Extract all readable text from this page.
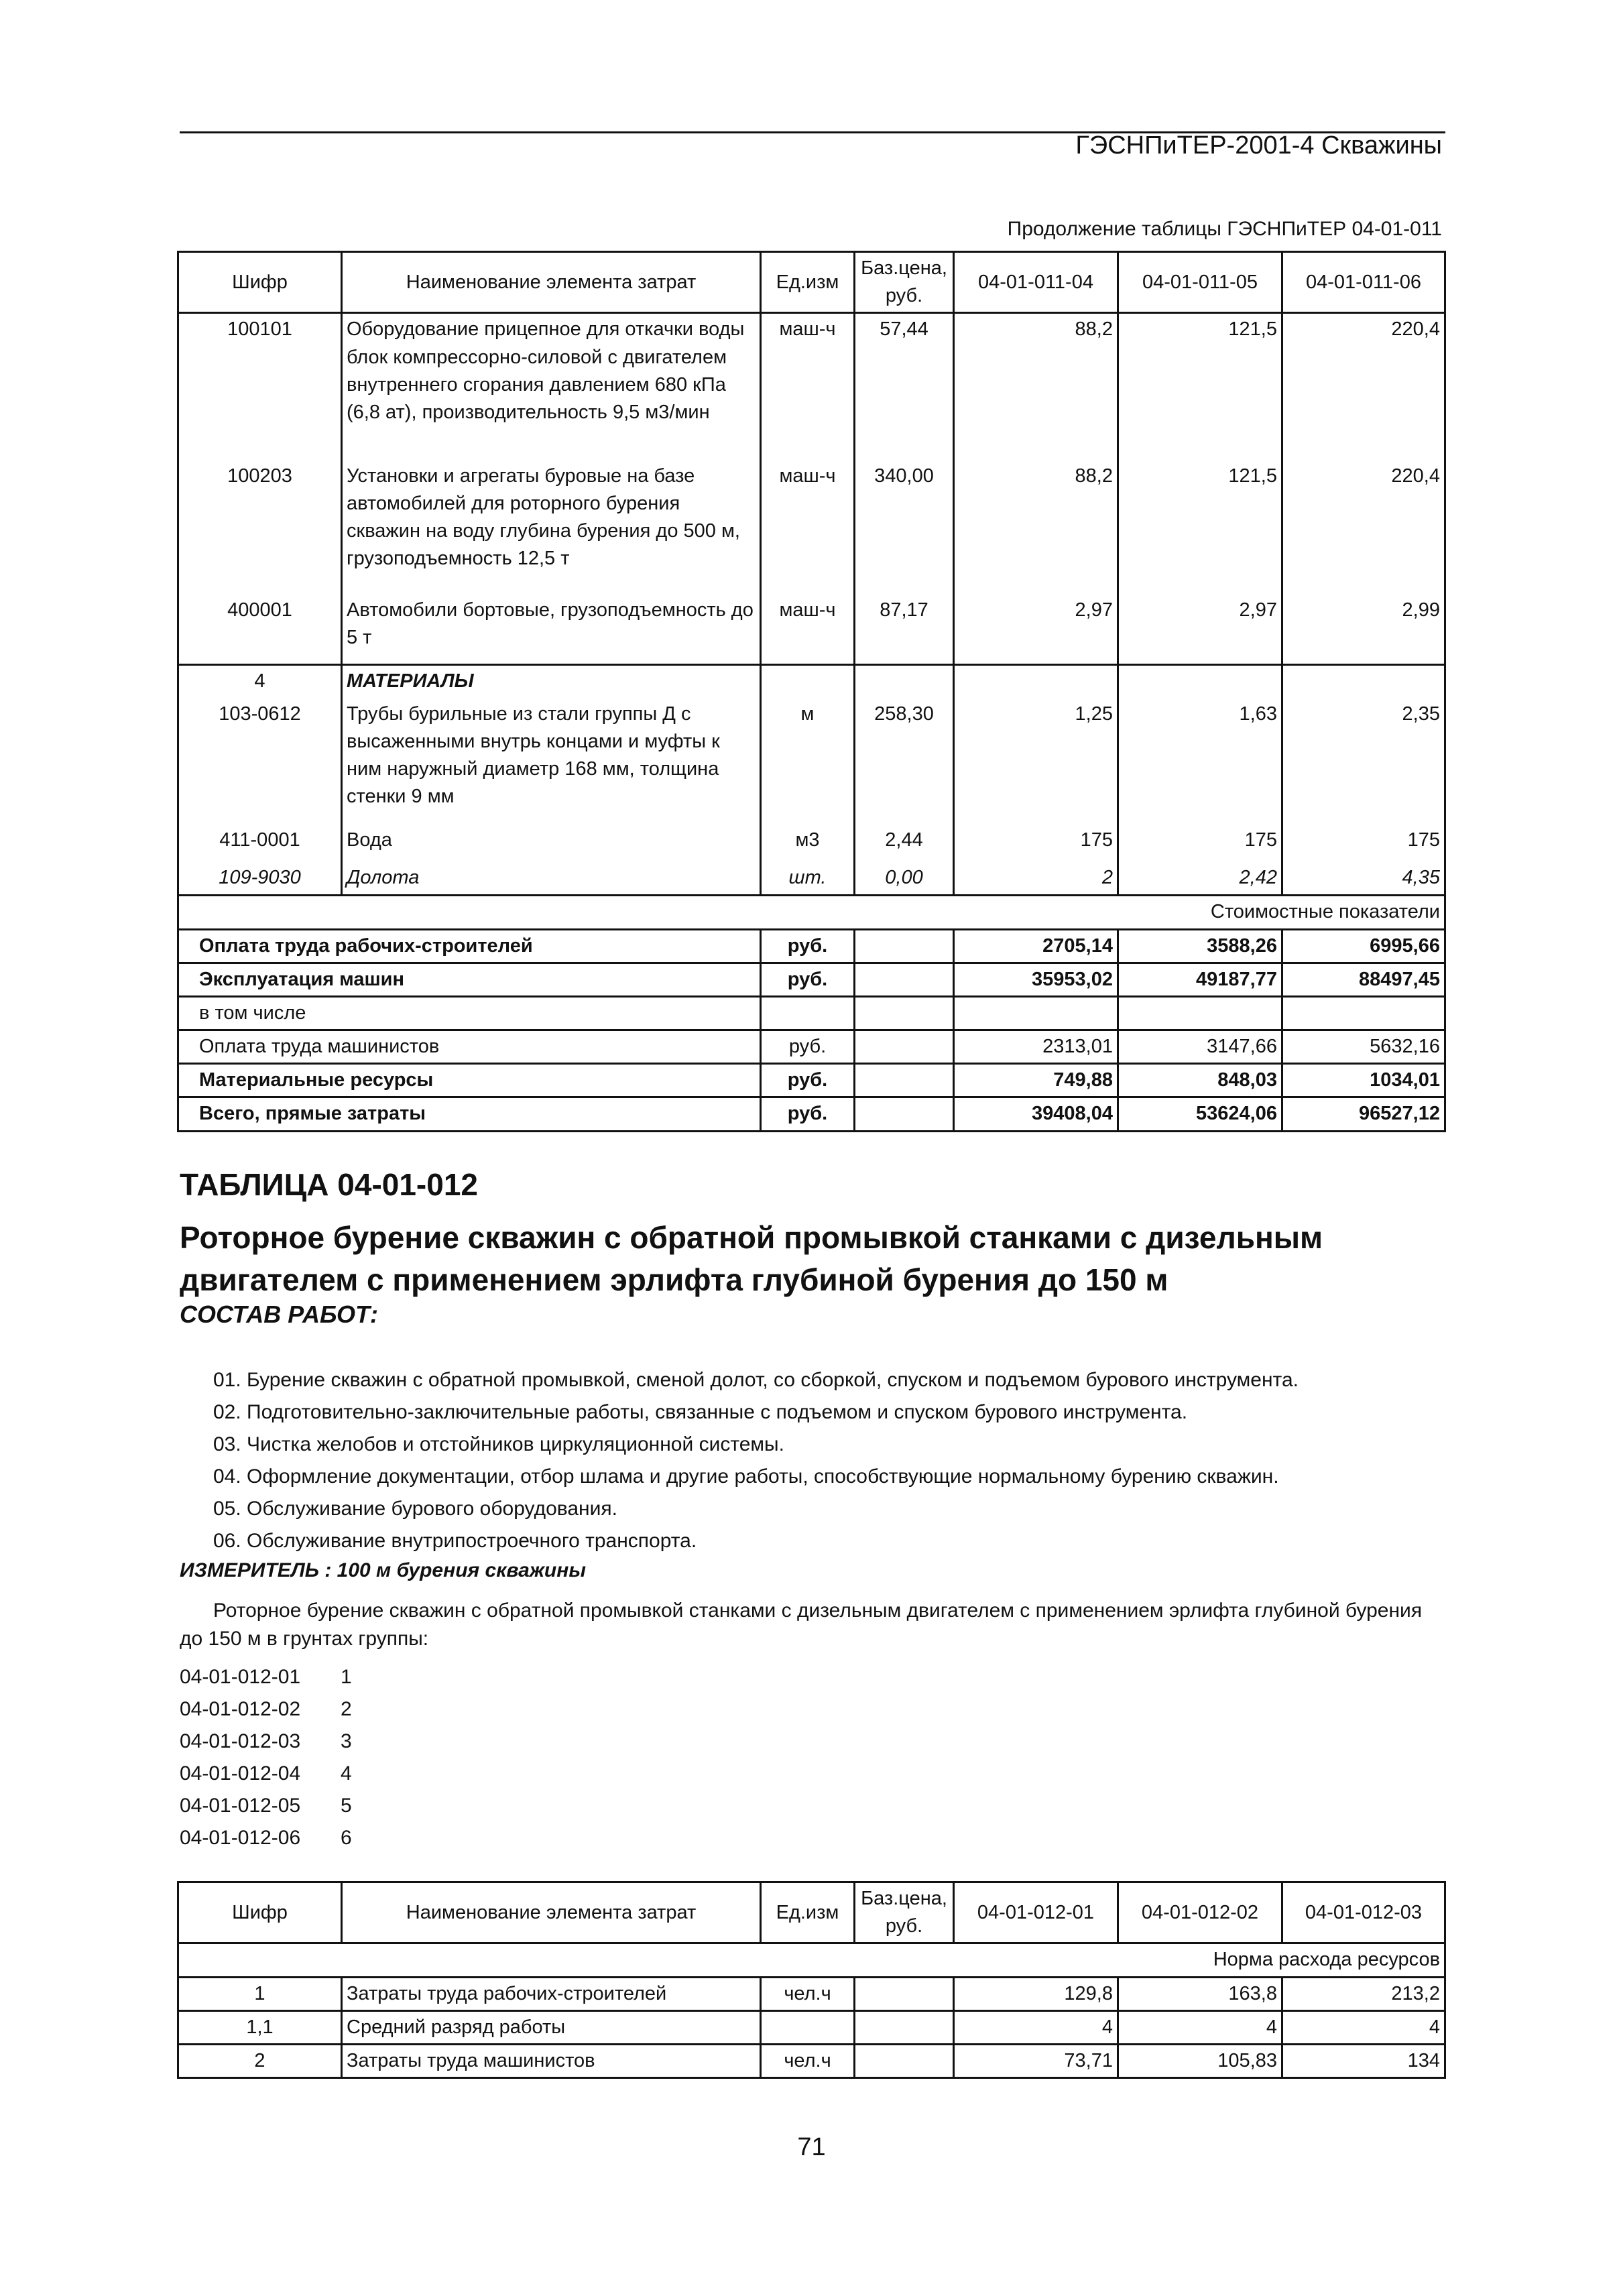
ГЭСНПиТЕР-2001-4 Скважины
Продолжение таблицы ГЭСНПиТЕР 04-01-011
Шифр	Наименование элемента затрат	Ед.изм	Баз.цена, руб.	04-01-011-04	04-01-011-05	04-01-011-06
100101	Оборудование прицепное для откачки воды блок компрессорно-силовой с двигателем внутреннего сгорания давлением 680 кПа (6,8 ат), производительность 9,5 м3/мин	маш-ч	57,44	88,2	121,5	220,4
100203	Установки и агрегаты буровые на базе автомобилей для роторного бурения скважин на воду глубина бурения до 500 м, грузоподъемность 12,5 т	маш-ч	340,00	88,2	121,5	220,4
400001	Автомобили бортовые, грузоподъемность до 5 т	маш-ч	87,17	2,97	2,97	2,99
4	МАТЕРИАЛЫ					
103-0612	Трубы бурильные из стали группы Д с высаженными внутрь концами и муфты к ним наружный диаметр 168 мм, толщина стенки 9 мм	м	258,30	1,25	1,63	2,35
411-0001	Вода	м3	2,44	175	175	175
109-9030	Долота	шт.	0,00	2	2,42	4,35
Стоимостные показатели						
Оплата труда рабочих-строителей		руб.		2705,14	3588,26	6995,66
Эксплуатация машин		руб.		35953,02	49187,77	88497,45
в том числе						
Оплата труда машинистов		руб.		2313,01	3147,66	5632,16
Материальные ресурсы		руб.		749,88	848,03	1034,01
Всего, прямые затраты		руб.		39408,04	53624,06	96527,12
ТАБЛИЦА 04-01-012
Роторное бурение скважин с обратной промывкой станками с дизельным двигателем с применением эрлифта глубиной бурения до 150 м
СОСТАВ РАБОТ:
01. Бурение скважин с обратной промывкой, сменой долот, со сборкой, спуском и подъемом бурового инструмента.
02. Подготовительно-заключительные работы, связанные с подъемом и спуском бурового инструмента.
03. Чистка желобов и отстойников циркуляционной системы.
04. Оформление документации, отбор шлама и другие работы, способствующие нормальному бурению скважин.
05. Обслуживание бурового оборудования.
06. Обслуживание внутрипостроечного транспорта.
ИЗМЕРИТЕЛЬ : 100 м бурения скважины
Роторное бурение скважин с обратной промывкой станками с дизельным двигателем с применением эрлифта глубиной бурения до 150 м в грунтах группы:
04-01-012-01 1
04-01-012-02 2
04-01-012-03 3
04-01-012-04 4
04-01-012-05 5
04-01-012-06 6
Шифр	Наименование элемента затрат	Ед.изм	Баз.цена, руб.	04-01-012-01	04-01-012-02	04-01-012-03
Норма расхода ресурсов						
1	Затраты труда рабочих-строителей	чел.ч		129,8	163,8	213,2
1,1	Средний разряд работы			4	4	4
2	Затраты труда машинистов	чел.ч		73,71	105,83	134
71
